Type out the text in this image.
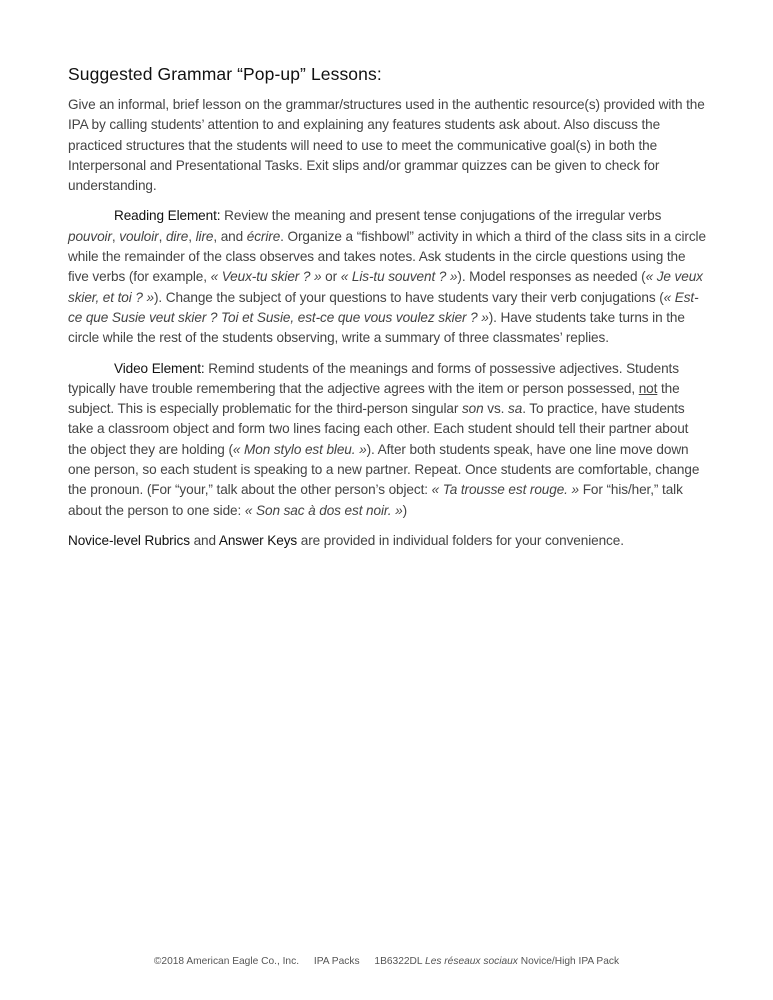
Suggested Grammar “Pop-up” Lessons:

Give an informal, brief lesson on the grammar/structures used in the authentic resource(s) provided with the IPA by calling students’ attention to and explaining any features students ask about. Also discuss the practiced structures that the students will need to use to meet the communicative goal(s) in both the Interpersonal and Presentational Tasks. Exit slips and/or grammar quizzes can be given to check for understanding.

Reading Element: Review the meaning and present tense conjugations of the irregular verbs pouvoir, vouloir, dire, lire, and écrire. Organize a “fishbowl” activity in which a third of the class sits in a circle while the remainder of the class observes and takes notes. Ask students in the circle questions using the five verbs (for example, « Veux-tu skier ? » or « Lis-tu souvent ? »). Model responses as needed (« Je veux skier, et toi ? »). Change the subject of your questions to have students vary their verb conjugations (« Est-ce que Susie veut skier ? Toi et Susie, est-ce que vous voulez skier ? »). Have students take turns in the circle while the rest of the students observing, write a summary of three classmates’ replies.

Video Element: Remind students of the meanings and forms of possessive adjectives. Students typically have trouble remembering that the adjective agrees with the item or person possessed, not the subject. This is especially problematic for the third-person singular son vs. sa. To practice, have students take a classroom object and form two lines facing each other. Each student should tell their partner about the object they are holding (« Mon stylo est bleu. »). After both students speak, have one line move down one person, so each student is speaking to a new partner. Repeat. Once students are comfortable, change the pronoun. (For “your,” talk about the other person’s object: « Ta trousse est rouge. » For “his/her,” talk about the person to one side: « Son sac à dos est noir. »)

Novice-level Rubrics and Answer Keys are provided in individual folders for your convenience.

©2018 American Eagle Co., Inc. IPA Packs 1B6322DL Les réseaux sociaux Novice/High IPA Pack
